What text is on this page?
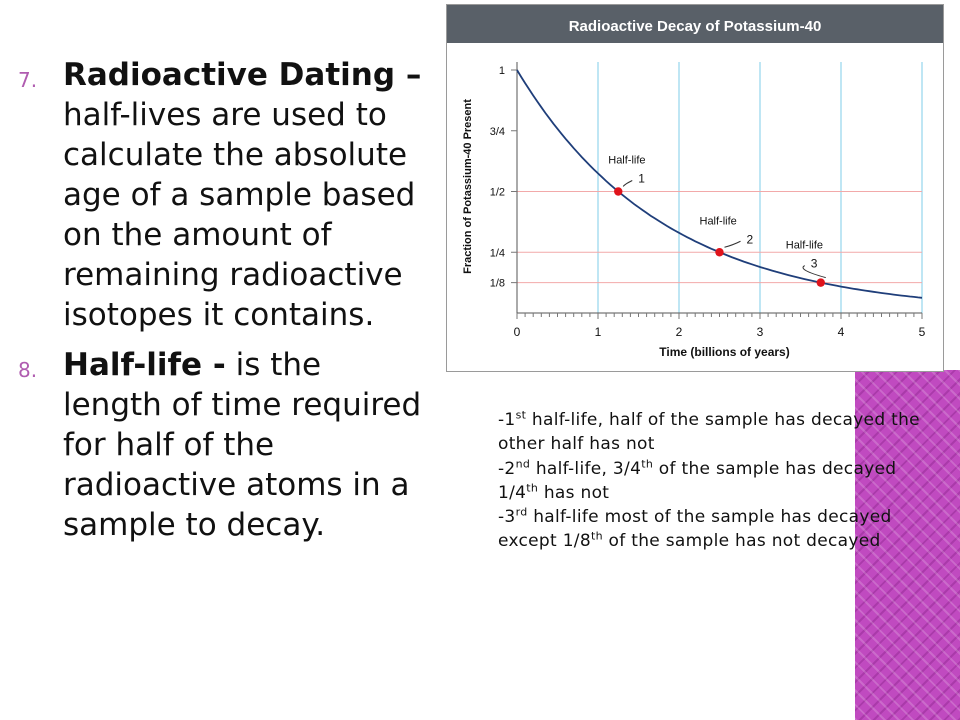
7. Radioactive Dating – half-lives are used to calculate the absolute age of a sample based on the amount of remaining radioactive isotopes it contains.
8. Half-life - is the length of time required for half of the radioactive atoms in a sample to decay.
Radioactive Decay of Potassium-40
0	1	2	3	4	5
1
3/4
1/2
1/4
1/8
Half-life
1
Half-life
2	Half-life
3
Time (billions of years)
Fraction of Potassium-40 Present
-1st half-life, half of the sample has decayed the other half has not
-2nd half-life, 3/4th of the sample has decayed 1/4th has not
-3rd half-life most of the sample has decayed except 1/8th of the sample has not decayed
